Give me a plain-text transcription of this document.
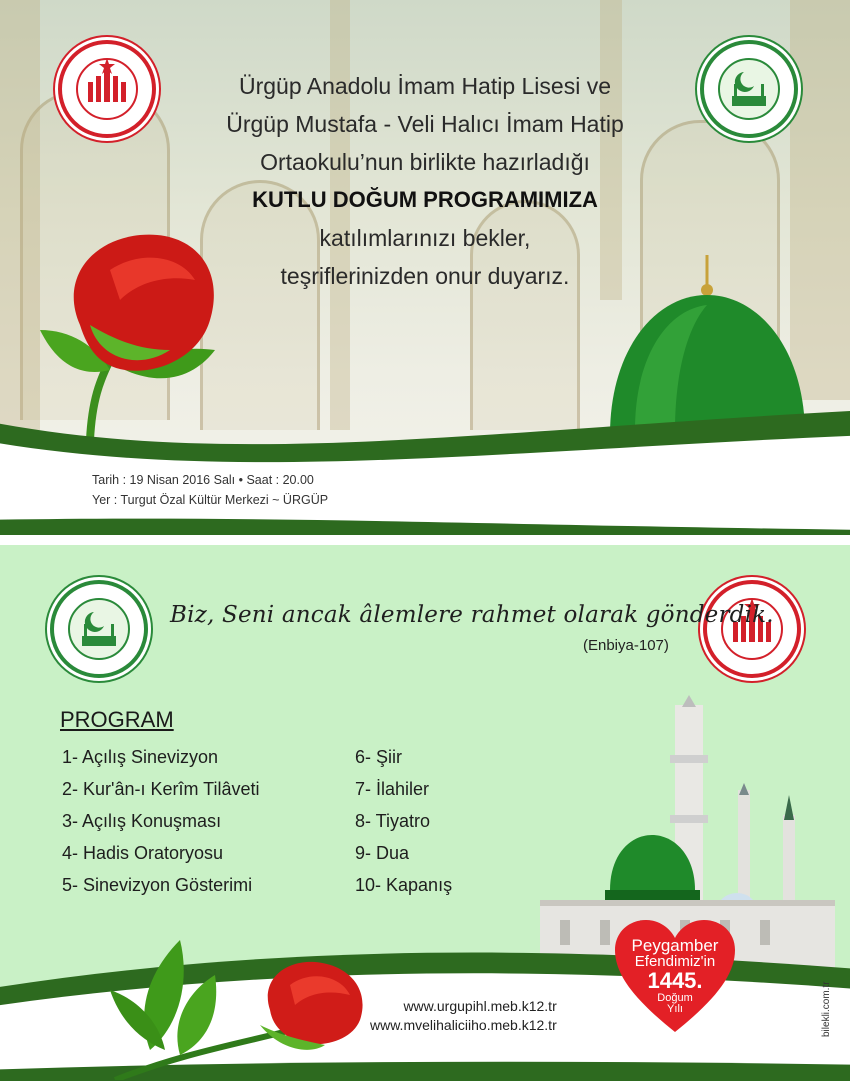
Ürgüp Anadolu İmam Hatip Lisesi ve
Ürgüp Mustafa - Veli Halıcı İmam Hatip
Ortaokulu’nun birlikte hazırladığı
KUTLU DOĞUM PROGRAMIMIZA
katılımlarınızı bekler,
teşriflerinizden onur duyarız.
Tarih : 19 Nisan 2016 Salı • Saat : 20.00
Yer : Turgut Özal Kültür Merkezi ~ ÜRGÜP
Biz, Seni ancak âlemlere rahmet olarak gönderdik.
(Enbiya-107)
PROGRAM
1- Açılış Sinevizyon
2- Kur'ân-ı Kerîm Tilâveti
3- Açılış Konuşması
4- Hadis Oratoryosu
5- Sinevizyon Gösterimi
6- Şiir
7- İlahiler
8- Tiyatro
9- Dua
10- Kapanış
www.urgupihl.meb.k12.tr
www.mvelihaliciiho.meb.k12.tr
Peygamber
Efendimiz'in
1445.
Doğum
Yılı	bilekli.com.tr
